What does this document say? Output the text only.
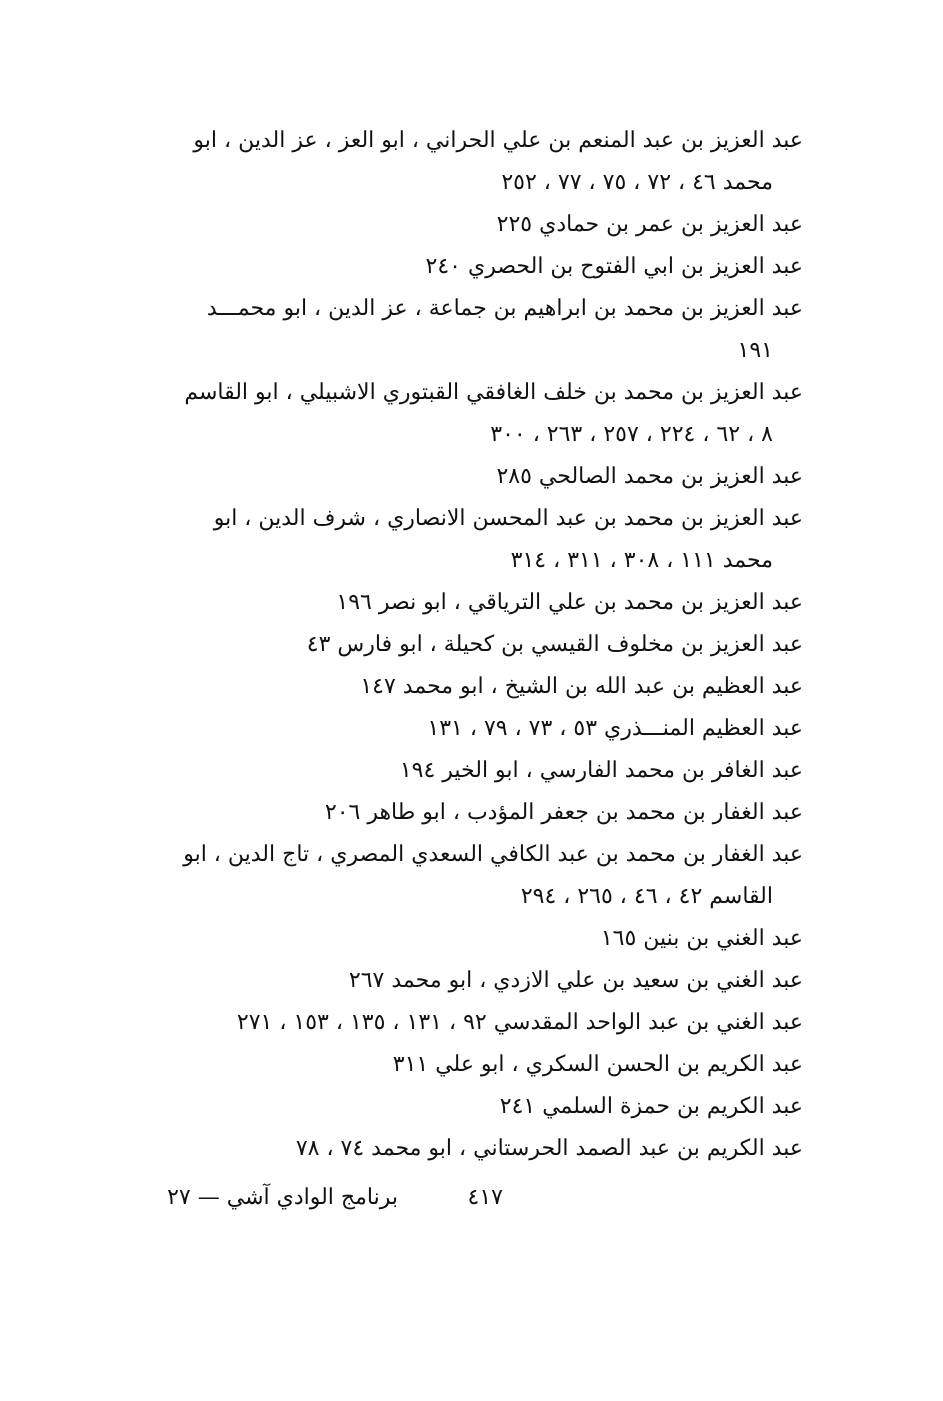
عبد العزيز بن عبد المنعم بن علي الحراني ، ابو العز ، عز الدين ، ابو
محمد ٤٦ ، ٧٢ ، ٧٥ ، ٧٧ ، ٢٥٢
عبد العزيز بن عمر بن حمادي ٢٢٥
عبد العزيز بن ابي الفتوح بن الحصري ٢٤٠
عبد العزيز بن محمد بن ابراهيم بن جماعة ، عز الدين ، ابو محمـــد
١٩١
عبد العزيز بن محمد بن خلف الغافقي القبتوري الاشبيلي ، ابو القاسم
٨ ، ٦٢ ، ٢٢٤ ، ٢٥٧ ، ٢٦٣ ، ٣٠٠
عبد العزيز بن محمد الصالحي ٢٨٥
عبد العزيز بن محمد بن عبد المحسن الانصاري ، شرف الدين ، ابو
محمد ١١١ ، ٣٠٨ ، ٣١١ ، ٣١٤
عبد العزيز بن محمد بن علي الترياقي ، ابو نصر ١٩٦
عبد العزيز بن مخلوف القيسي بن كحيلة ، ابو فارس ٤٣
عبد العظيم بن عبد الله بن الشيخ ، ابو محمد ١٤٧
عبد العظيم المنـــذري ٥٣ ، ٧٣ ، ٧٩ ، ١٣١
عبد الغافر بن محمد الفارسي ، ابو الخير ١٩٤
عبد الغفار بن محمد بن جعفر المؤدب ، ابو طاهر ٢٠٦
عبد الغفار بن محمد بن عبد الكافي السعدي المصري ، تاج الدين ، ابو
القاسم ٤٢ ، ٤٦ ، ٢٦٥ ، ٢٩٤
عبد الغني بن بنين ١٦٥
عبد الغني بن سعيد بن علي الازدي ، ابو محمد ٢٦٧
عبد الغني بن عبد الواحد المقدسي ٩٢ ، ١٣١ ، ١٣٥ ، ١٥٣ ، ٢٧١
عبد الكريم بن الحسن السكري ، ابو علي ٣١١
عبد الكريم بن حمزة السلمي ٢٤١
عبد الكريم بن عبد الصمد الحرستاني ، ابو محمد ٧٤ ، ٧٨
٤١٧
برنامج الوادي آشي — ٢٧
